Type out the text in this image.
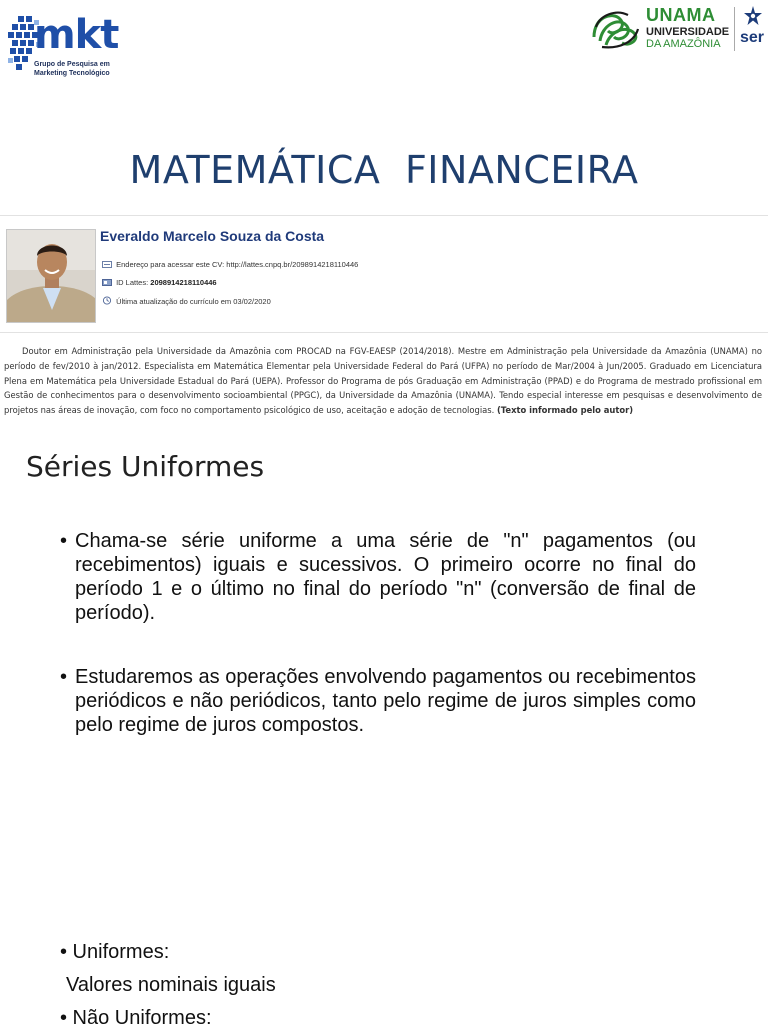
mkt
Grupo de Pesquisa em
Marketing Tecnológico
UNAMA
UNIVERSIDADE
DA AMAZÔNIA ser
MATEMÁTICA FINANCEIRA
Everaldo Marcelo Souza da Costa
Endereço para acessar este CV: http://lattes.cnpq.br/2098914218110446
ID Lattes: 2098914218110446
Última atualização do currículo em 03/02/2020
Doutor em Administração pela Universidade da Amazônia com PROCAD na FGV-EAESP (2014/2018). Mestre em Administração pela Universidade da Amazônia (UNAMA) no período de fev/2010 à jan/2012. Especialista em Matemática Elementar pela Universidade Federal do Pará (UFPA) no período de Mar/2004 à Jun/2005. Graduado em Licenciatura Plena em Matemática pela Universidade Estadual do Pará (UEPA). Professor do Programa de pós Graduação em Administração (PPAD) e do Programa de mestrado profissional em Gestão de conhecimentos para o desenvolvimento socioambiental (PPGC), da Universidade da Amazônia (UNAMA). Tendo especial interesse em pesquisas e desenvolvimento de projetos nas áreas de inovação, com foco no comportamento psicológico de uso, aceitação e adoção de tecnologias. (Texto informado pelo autor)
Séries Uniformes
• Chama-se série uniforme a uma série de "n" pagamentos (ou recebimentos) iguais e sucessivos. O primeiro ocorre no final do período 1 e o último no final do período "n" (conversão de final de período).
• Estudaremos as operações envolvendo pagamentos ou recebimentos periódicos e não periódicos, tanto pelo regime de juros simples como pelo regime de juros compostos.
• Uniformes:
Valores nominais iguais
• Não Uniformes:
